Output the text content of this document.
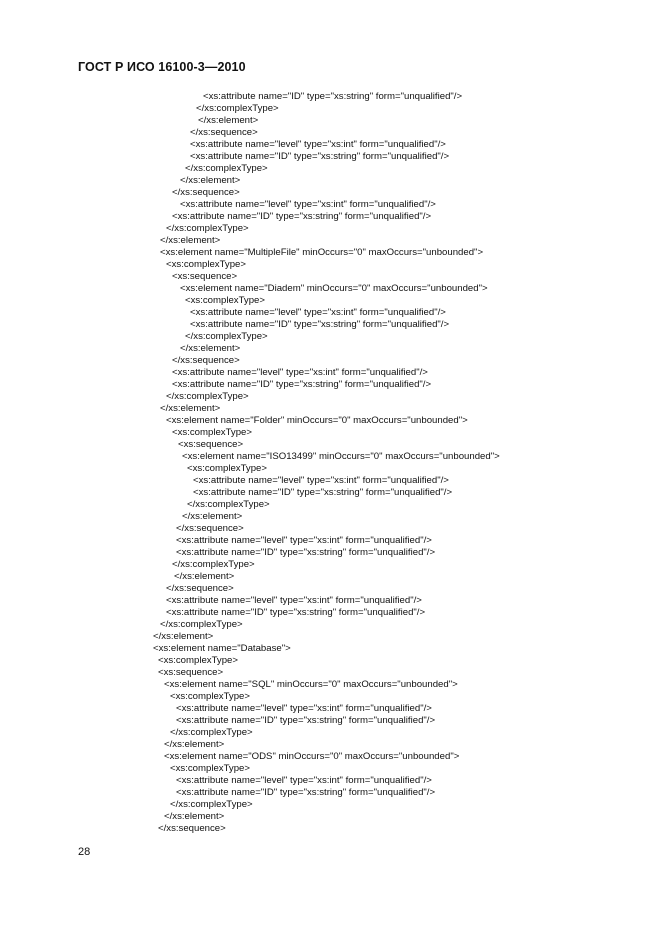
ГОСТ Р ИСО 16100-3—2010
<xs:attribute name="ID" type="xs:string" form="unqualified"/>
</xs:complexType>
</xs:element>
</xs:sequence>
<xs:attribute name="level" type="xs:int" form="unqualified"/>
<xs:attribute name="ID" type="xs:string" form="unqualified"/>
</xs:complexType>
</xs:element>
</xs:sequence>
<xs:attribute name="level" type="xs:int" form="unqualified"/>
<xs:attribute name="ID" type="xs:string" form="unqualified"/>
</xs:complexType>
</xs:element>
<xs:element name="MultipleFile" minOccurs="0" maxOccurs="unbounded">
<xs:complexType>
<xs:sequence>
<xs:element name="Diadem" minOccurs="0" maxOccurs="unbounded">
<xs:complexType>
<xs:attribute name="level" type="xs:int" form="unqualified"/>
<xs:attribute name="ID" type="xs:string" form="unqualified"/>
</xs:complexType>
</xs:element>
</xs:sequence>
<xs:attribute name="level" type="xs:int" form="unqualified"/>
<xs:attribute name="ID" type="xs:string" form="unqualified"/>
</xs:complexType>
</xs:element>
<xs:element name="Folder" minOccurs="0" maxOccurs="unbounded">
<xs:complexType>
<xs:sequence>
<xs:element name="ISO13499" minOccurs="0" maxOccurs="unbounded">
<xs:complexType>
<xs:attribute name="level" type="xs:int" form="unqualified"/>
<xs:attribute name="ID" type="xs:string" form="unqualified"/>
</xs:complexType>
</xs:element>
</xs:sequence>
<xs:attribute name="level" type="xs:int" form="unqualified"/>
<xs:attribute name="ID" type="xs:string" form="unqualified"/>
</xs:complexType>
</xs:element>
</xs:sequence>
<xs:attribute name="level" type="xs:int" form="unqualified"/>
<xs:attribute name="ID" type="xs:string" form="unqualified"/>
</xs:complexType>
</xs:element>
<xs:element name="Database">
<xs:complexType>
<xs:sequence>
<xs:element name="SQL" minOccurs="0" maxOccurs="unbounded">
<xs:complexType>
<xs:attribute name="level" type="xs:int" form="unqualified"/>
<xs:attribute name="ID" type="xs:string" form="unqualified"/>
</xs:complexType>
</xs:element>
<xs:element name="ODS" minOccurs="0" maxOccurs="unbounded">
<xs:complexType>
<xs:attribute name="level" type="xs:int" form="unqualified"/>
<xs:attribute name="ID" type="xs:string" form="unqualified"/>
</xs:complexType>
</xs:element>
</xs:sequence>
28
